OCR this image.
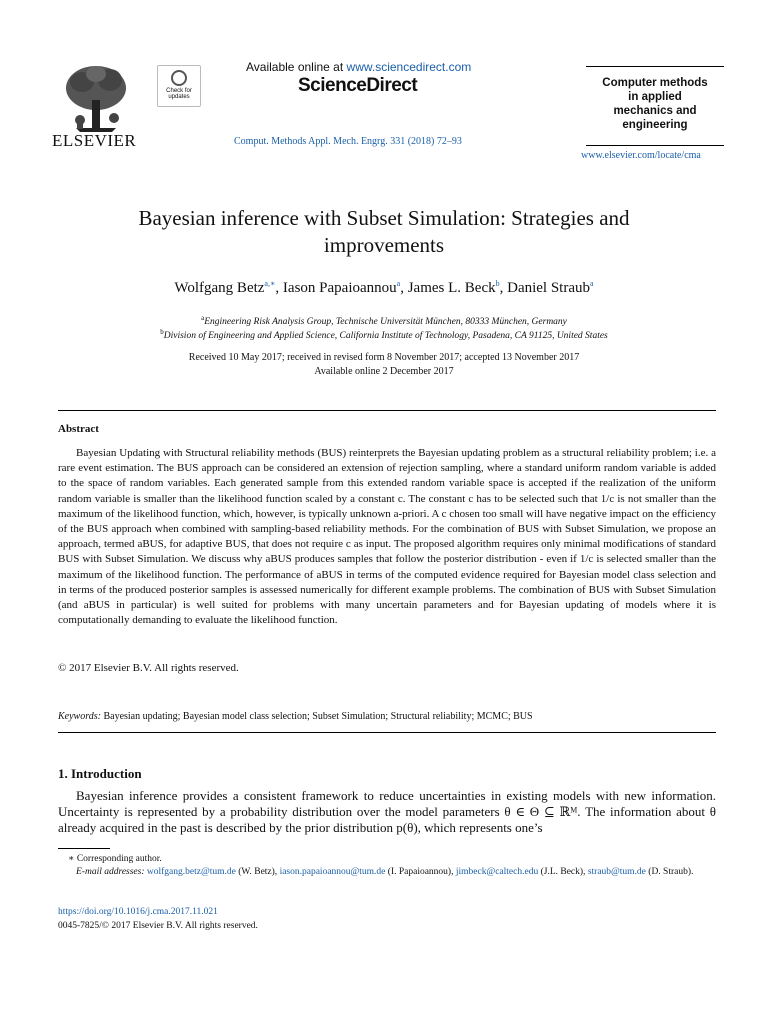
ELSEVIER
Check for updates
Available online at www.sciencedirect.com
ScienceDirect
Comput. Methods Appl. Mech. Engrg. 331 (2018) 72–93
Computer methods
in applied
mechanics and
engineering
www.elsevier.com/locate/cma
Bayesian inference with Subset Simulation: Strategies and improvements
Wolfgang Betz$^{a,∗}$, Iason Papaioannou$^a$, James L. Beck$^b$, Daniel Straub$^a$
$^a$Engineering Risk Analysis Group, Technische Universität München, 80333 München, Germany
$^b$Division of Engineering and Applied Science, California Institute of Technology, Pasadena, CA 91125, United States
Received 10 May 2017; received in revised form 8 November 2017; accepted 13 November 2017
Available online 2 December 2017
Abstract

Bayesian Updating with Structural reliability methods (BUS) reinterprets the Bayesian updating problem as a structural reliability problem; i.e. a rare event estimation. The BUS approach can be considered an extension of rejection sampling, where a standard uniform random variable is added to the space of random variables. Each generated sample from this extended random variable space is accepted if the realization of the uniform random variable is smaller than the likelihood function scaled by a constant c. The constant c has to be selected such that 1/c is not smaller than the maximum of the likelihood function, which, however, is typically unknown a-priori. A c chosen too small will have negative impact on the efficiency of the BUS approach when combined with sampling-based reliability methods. For the combination of BUS with Subset Simulation, we propose an approach, termed aBUS, for adaptive BUS, that does not require c as input. The proposed algorithm requires only minimal modifications of standard BUS with Subset Simulation. We discuss why aBUS produces samples that follow the posterior distribution - even if 1/c is selected smaller than the maximum of the likelihood function. The performance of aBUS in terms of the computed evidence required for Bayesian model class selection and in terms of the produced posterior samples is assessed numerically for different example problems. The combination of BUS with Subset Simulation (and aBUS in particular) is well suited for problems with many uncertain parameters and for Bayesian updating of models where it is computationally demanding to evaluate the likelihood function.

© 2017 Elsevier B.V. All rights reserved.
Keywords: Bayesian updating; Bayesian model class selection; Subset Simulation; Structural reliability; MCMC; BUS
1. Introduction

Bayesian inference provides a consistent framework to reduce uncertainties in existing models with new information. Uncertainty is represented by a probability distribution over the model parameters θ ∈ Θ ⊆ ℝᴹ. The information about θ already acquired in the past is described by the prior distribution p(θ), which represents one’s

∗ Corresponding author.
E-mail addresses: wolfgang.betz@tum.de (W. Betz), iason.papaioannou@tum.de (I. Papaioannou), jimbeck@caltech.edu (J.L. Beck), straub@tum.de (D. Straub).
https://doi.org/10.1016/j.cma.2017.11.021
0045-7825/© 2017 Elsevier B.V. All rights reserved.
